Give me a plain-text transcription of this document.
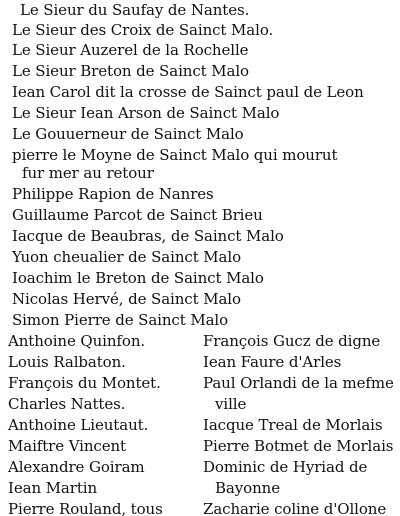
Le Sieur du Saufay de Nantes.
Le Sieur des Croix de Sainct Malo.
Le Sieur Auzerel de la Rochelle
Le Sieur Breton de Sainct Malo
Iean Carol dit la crosse de Sainct paul de Leon
Le Sieur Iean Arson de Sainct Malo
Le Gouuerneur de Sainct Malo
pierre le Moyne de Sainct Malo qui mourut
fur mer au retour
Philippe Rapion de Nanres
Guillaume Parcot de Sainct Brieu
Iacque de Beaubras, de Sainct Malo
Yuon cheualier de Sainct Malo
Ioachim le Breton de Sainct Malo
Nicolas Hervé, de Sainct Malo
Simon Pierre de Sainct Malo
Anthoine Quinfon.
Louis Ralbaton.
François du Montet.
Charles Nattes.
Anthoine Lieutaut.
Maiftre Vincent
Alexandre Goiram
Iean Martin
Pierre Rouland, tous
François Gucz de digne
Iean Faure d'Arles
Paul Orlandi de la mefme
ville
Iacque Treal de Morlais
Pierre Botmet de Morlais
Dominic de Hyriad de
Bayonne
Zacharie coline d'Ollone
